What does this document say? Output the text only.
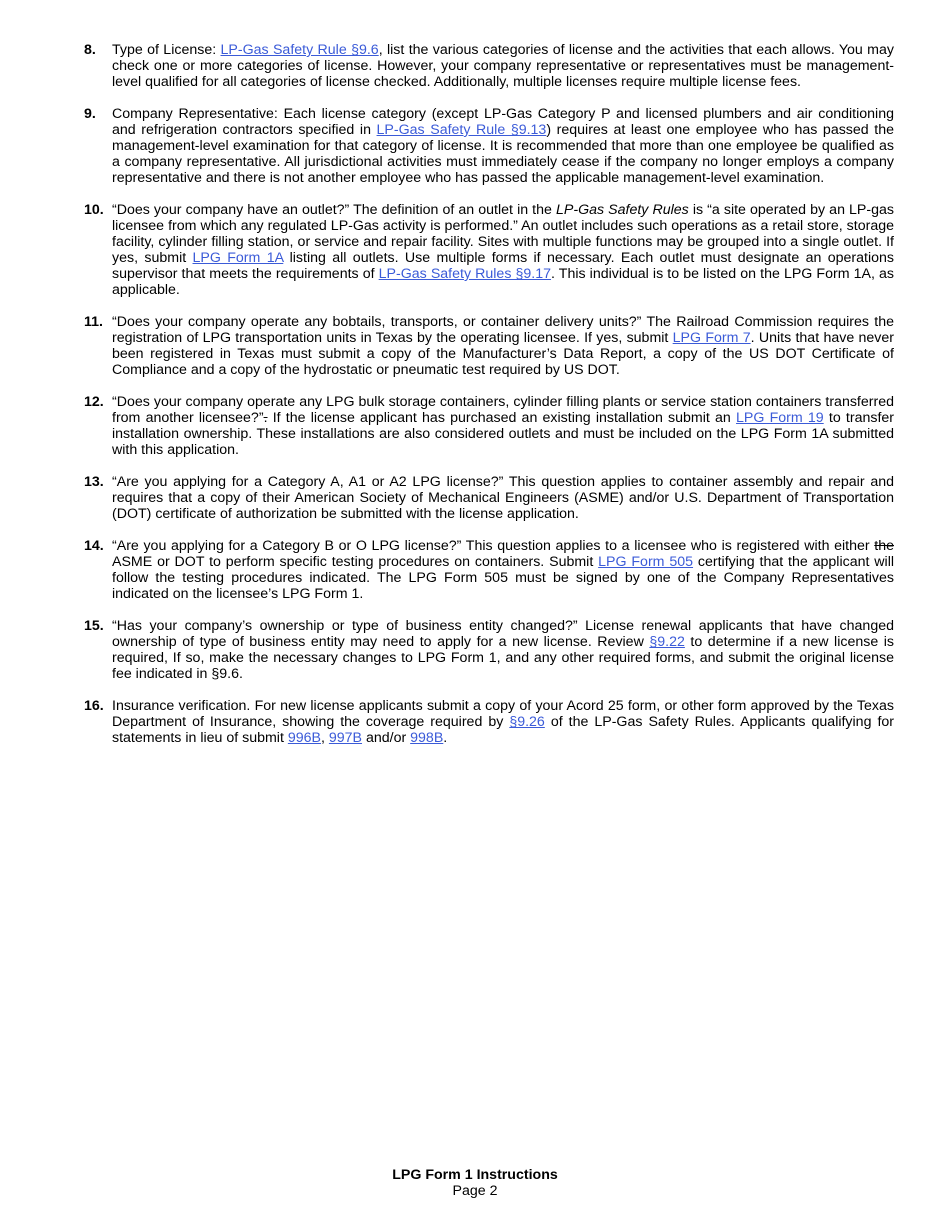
8.	Type of License: LP-Gas Safety Rule §9.6, list the various categories of license and the activities that each allows. You may check one or more categories of license. However, your company representative or representatives must be management-level qualified for all categories of license checked. Additionally, multiple licenses require multiple license fees.
9.	Company Representative: Each license category (except LP-Gas Category P and licensed plumbers and air conditioning and refrigeration contractors specified in LP-Gas Safety Rule §9.13) requires at least one employee who has passed the management-level examination for that category of license. It is recommended that more than one employee be qualified as a company representative. All jurisdictional activities must immediately cease if the company no longer employs a company representative and there is not another employee who has passed the applicable management-level examination.
10. “Does your company have an outlet?” The definition of an outlet in the LP-Gas Safety Rules is “a site operated by an LP-gas licensee from which any regulated LP-Gas activity is performed.” An outlet includes such operations as a retail store, storage facility, cylinder filling station, or service and repair facility. Sites with multiple functions may be grouped into a single outlet. If yes, submit LPG Form 1A listing all outlets. Use multiple forms if necessary. Each outlet must designate an operations supervisor that meets the requirements of LP-Gas Safety Rules §9.17. This individual is to be listed on the LPG Form 1A, as applicable.
11. “Does your company operate any bobtails, transports, or container delivery units?” The Railroad Commission requires the registration of LPG transportation units in Texas by the operating licensee. If yes, submit LPG Form 7. Units that have never been registered in Texas must submit a copy of the Manufacturer’s Data Report, a copy of the US DOT Certificate of Compliance and a copy of the hydrostatic or pneumatic test required by US DOT.
12. “Does your company operate any LPG bulk storage containers, cylinder filling plants or service station containers transferred from another licensee?”. If the license applicant has purchased an existing installation submit an LPG Form 19 to transfer installation ownership. These installations are also considered outlets and must be included on the LPG Form 1A submitted with this application.
13. “Are you applying for a Category A, A1 or A2 LPG license?” This question applies to container assembly and repair and requires that a copy of their American Society of Mechanical Engineers (ASME) and/or U.S. Department of Transportation (DOT) certificate of authorization be submitted with the license application.
14. “Are you applying for a Category B or O LPG license?” This question applies to a licensee who is registered with either the ASME or DOT to perform specific testing procedures on containers. Submit LPG Form 505 certifying that the applicant will follow the testing procedures indicated. The LPG Form 505 must be signed by one of the Company Representatives indicated on the licensee’s LPG Form 1.
15. “Has your company’s ownership or type of business entity changed?” License renewal applicants that have changed ownership of type of business entity may need to apply for a new license. Review §9.22 to determine if a new license is required, If so, make the necessary changes to LPG Form 1, and any other required forms, and submit the original license fee indicated in §9.6.
16. Insurance verification. For new license applicants submit a copy of your Acord 25 form, or other form approved by the Texas Department of Insurance, showing the coverage required by §9.26 of the LP-Gas Safety Rules. Applicants qualifying for statements in lieu of submit 996B, 997B and/or 998B.
LPG Form 1 Instructions
Page 2
